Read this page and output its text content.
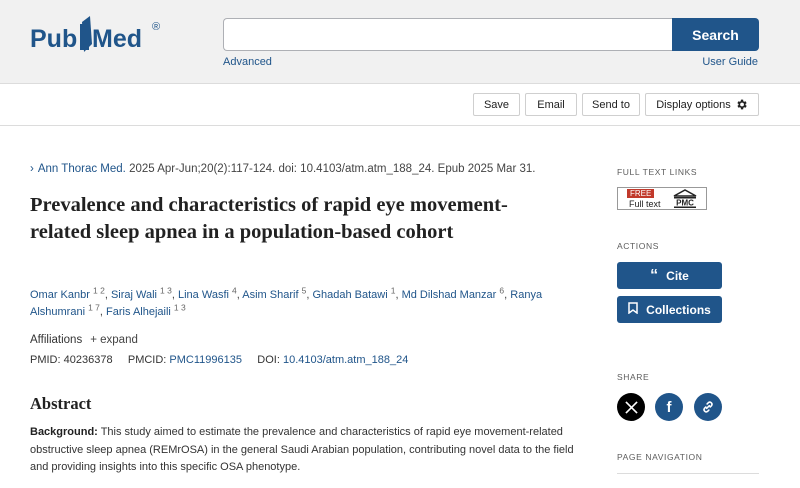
Pub Med ®	Search
Advanced	User Guide
Save	Email Send to Display options
› Ann Thorac Med. 2025 Apr-Jun;20(2):117-124. doi: 10.4103/atm.atm_188_24. Epub 2025 Mar 31.
Prevalence and characteristics of rapid eye movement-related sleep apnea in a population-based cohort
Omar Kanbr $^{1 2}$, Siraj Wali $^{1 3}$, Lina Wasfi $^4$, Asim Sharif $^5$, Ghadah Batawi $^1$, Md Dilshad Manzar $^6$, Ranya Alshumrani $^{1 7}$, Faris Alhejaili $^{1 3}$
Affiliations + expand
PMID: 40236378 PMCID: PMC11996135 DOI: 10.4103/atm.atm_188_24
Abstract

Background: This study aimed to estimate the prevalence and characteristics of rapid eye movement-related obstructive sleep apnea (REMrOSA) in the general Saudi Arabian population, contributing novel data to the field and providing insights into this specific OSA phenotype.

FULL TEXT LINKS
FREE
Full text PMC
ACTIONS
“ Cite
Collections
SHARE
f
PAGE NAVIGATION
